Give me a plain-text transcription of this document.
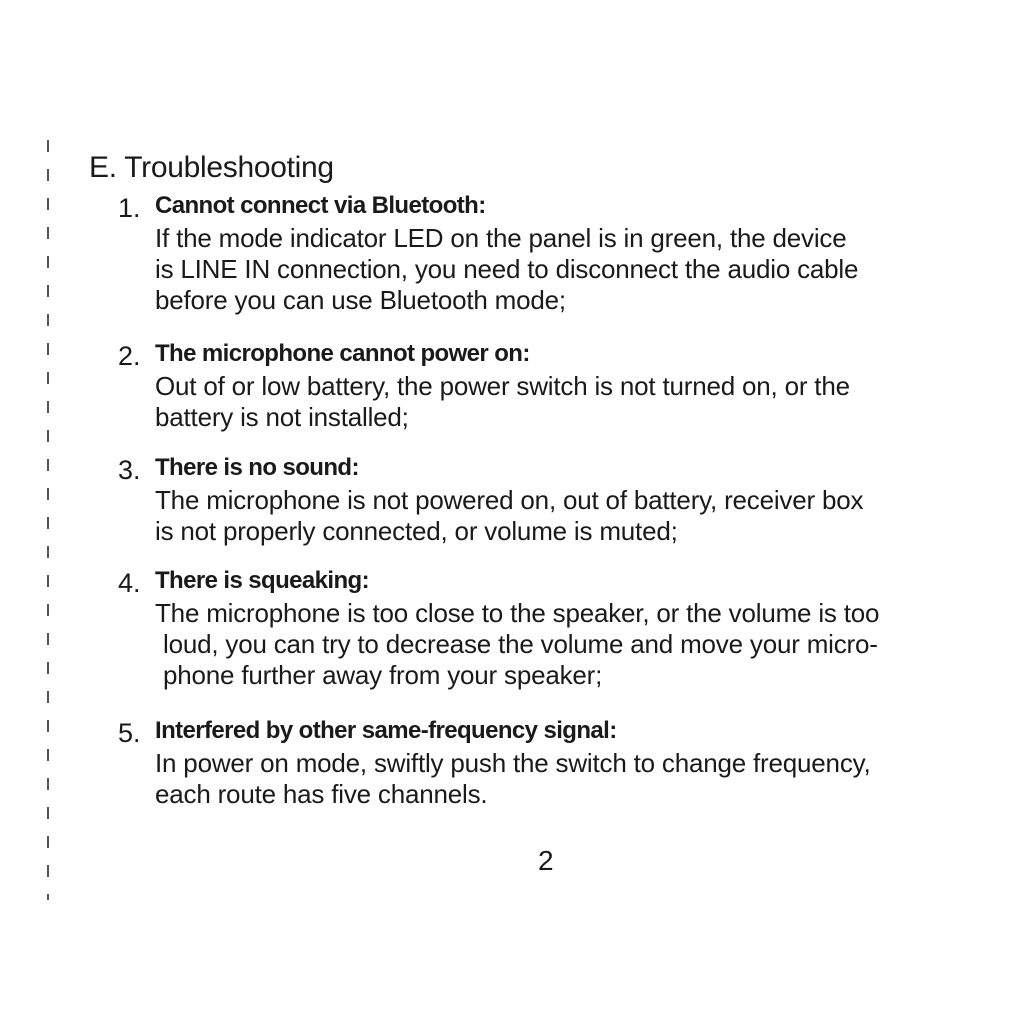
E. Troubleshooting
1. Cannot connect via Bluetooth:
If the mode indicator LED on the panel is in green, the device
is LINE IN connection, you need to disconnect the audio cable
before you can use Bluetooth mode;
2. The microphone cannot power on:
Out of or low battery, the power switch is not turned on, or the
battery is not installed;
3. There is no sound:
The microphone is not powered on, out of battery, receiver box
is not properly connected, or volume is muted;
4. There is squeaking:
The microphone is too close to the speaker, or the volume is too
loud, you can try to decrease the volume and move your micro-
phone further away from your speaker;
5. Interfered by other same-frequency signal:
In power on mode, swiftly push the switch to change frequency,
each route has five channels.
2
